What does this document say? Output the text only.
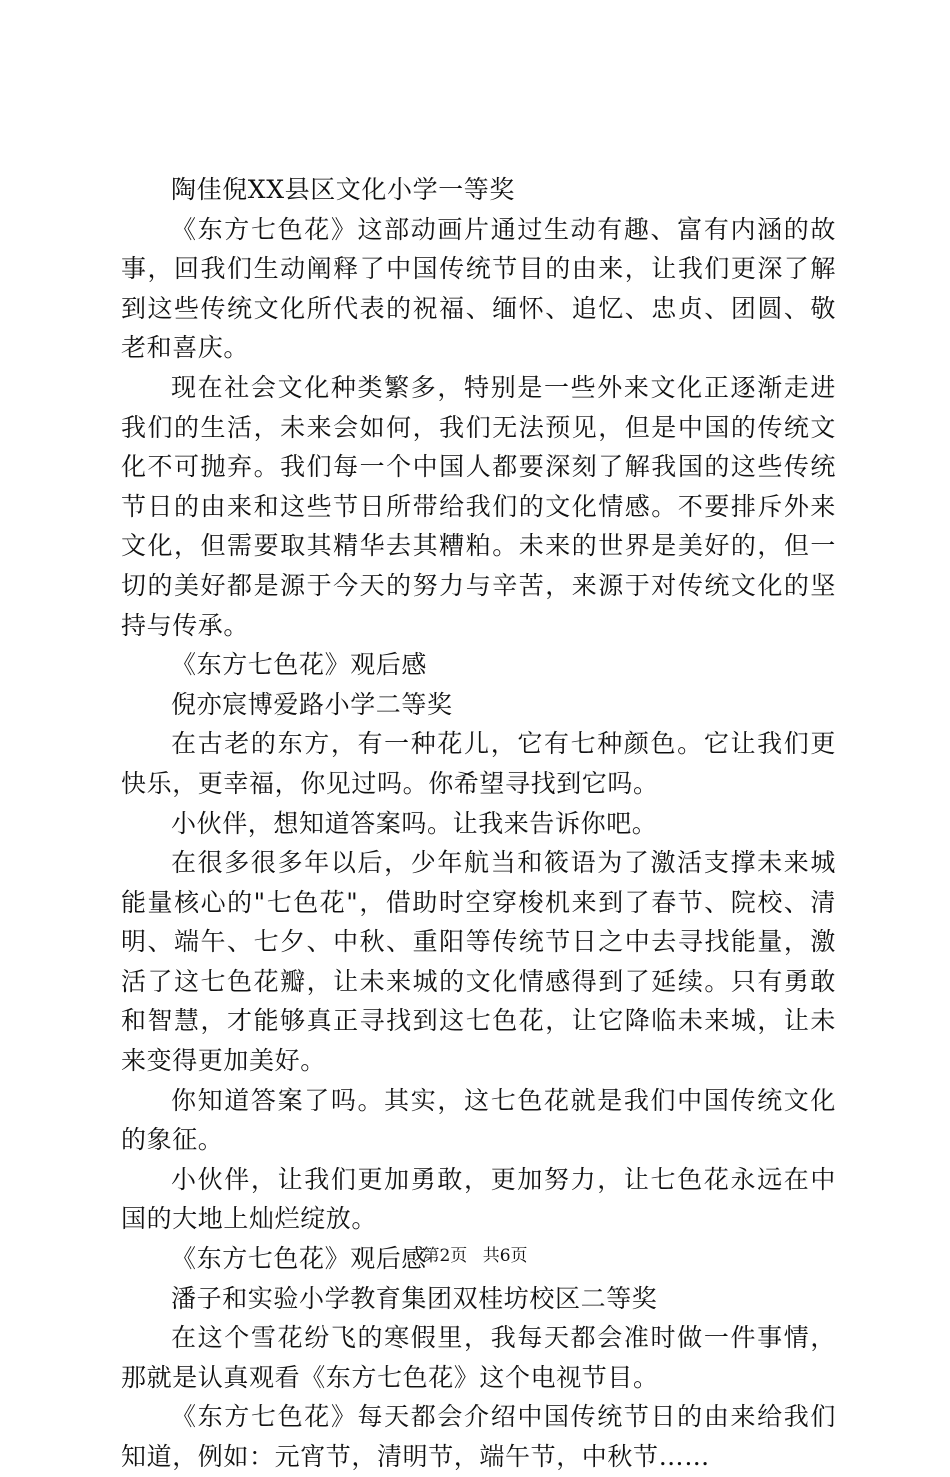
陶佳倪XX县区文化小学一等奖

《东方七色花》这部动画片通过生动有趣、富有内涵的故事，回我们生动阐释了中国传统节目的由来，让我们更深了解到这些传统文化所代表的祝福、缅怀、追忆、忠贞、团圆、敬老和喜庆。

现在社会文化种类繁多，特别是一些外来文化正逐渐走进我们的生活，未来会如何，我们无法预见，但是中国的传统文化不可抛弃。我们每一个中国人都要深刻了解我国的这些传统节日的由来和这些节日所带给我们的文化情感。不要排斥外来文化，但需要取其精华去其糟粕。未来的世界是美好的，但一切的美好都是源于今天的努力与辛苦，来源于对传统文化的坚持与传承。

《东方七色花》观后感

倪亦宸博爱路小学二等奖

在古老的东方，有一种花儿，它有七种颜色。它让我们更快乐，更幸福，你见过吗。你希望寻找到它吗。

小伙伴，想知道答案吗。让我来告诉你吧。

在很多很多年以后，少年航当和筱语为了激活支撑未来城能量核心的"七色花"，借助时空穿梭机来到了春节、院校、清明、端午、七夕、中秋、重阳等传统节日之中去寻找能量，激活了这七色花瓣，让未来城的文化情感得到了延续。只有勇敢和智慧，才能够真正寻找到这七色花，让它降临未来城，让未来变得更加美好。

你知道答案了吗。其实，这七色花就是我们中国传统文化的象征。

小伙伴，让我们更加勇敢，更加努力，让七色花永远在中国的大地上灿烂绽放。

《东方七色花》观后感

潘子和实验小学教育集团双桂坊校区二等奖

在这个雪花纷飞的寒假里，我每天都会准时做一件事情，那就是认真观看《东方七色花》这个电视节目。

《东方七色花》每天都会介绍中国传统节日的由来给我们知道，例如：元宵节，清明节，端午节，中秋节……

第2页 共6页
